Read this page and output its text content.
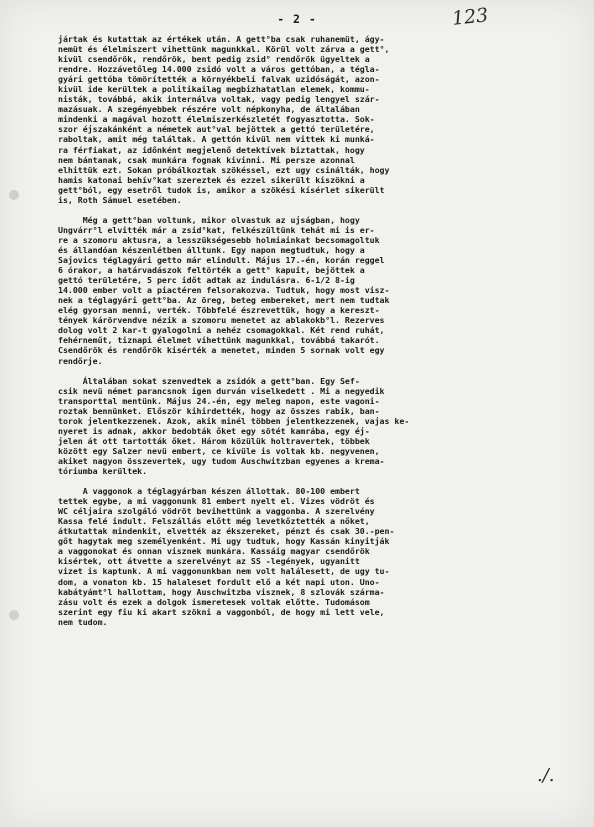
- 2 -	123
jártak és kutattak az értékek után. A gett°ba csak ruhanemüt, ágy-
nemüt és élelmiszert vihettünk magunkkal. Körül volt zárva a gett°,
kivül csendőrök, rendőrök, bent pedig zsid° rendőrök ügyeltek a
rendre. Hozzávetőleg 14.000 zsidó volt a város gettóban, a tégla-
gyári gettóba tömörítették a környékbeli falvak uzidóságát, azon-
kivül ide kerültek a politikailag megbizhatatlan elemek, kommu-
nisták, továbbá, akik internálva voltak, vagy pedig lengyel szár-
mazásuak. A szegényebbek részére volt népkonyha, de általában
mindenki a magával hozott élelmiszerkészletét fogyasztotta. Sok-
szor éjszakánként a németek aut°val bejöttek a gettó területére,
raboltak, amit még találtak. A gettón kivül nem vittek ki munká-
ra férfiakat, az időnként megjelenő detektívek biztattak, hogy
nem bántanak, csak munkára fognak kivinni. Mi persze azonnal
elhittük ezt. Sokan próbálkoztak szökéssel, ezt ugy csinálták, hogy
hamis katonai behív°kat szereztek és ezzel sikerült kiszökni a
gett°ból, egy esetről tudok is, amikor a szökési kísérlet sikerült
is, Roth Sámuel esetében.
Még a gett°ban voltunk, mikor olvastuk az ujságban, hogy
Ungvárr°l elvitték már a zsid°kat, felkészültünk tehát mi is er-
re a szomoru aktusra, a lesszükségesebb holmiainkat becsomagoltuk
és állandóan készenlétben álltunk. Egy napon megtudtuk, hogy a
Sajovics téglagyári getto már elindult. Május 17.-én, korán reggel
6 órakor, a határvadászok feltörték a gett° kapuit, bejöttek a
gettó területére, 5 perc időt adtak az indulásra. 6-1/2 8-ig
14.000 ember volt a piactéren felsorakozva. Tudtuk, hogy most visz-
nek a téglagyári gett°ba. Az öreg, beteg embereket, mert nem tudtak
elég gyorsan menni, verték. Többfelé észrevettük, hogy a kereszt-
tények kárörvendve nézik a szomoru menetet az ablakokb°l. Rezerves
dolog volt 2 kar-t gyalogolni a nehéz csomagokkal. Két rend ruhát,
fehérneműt, tiznapi élelmet vihettünk magunkkal, továbbá takarót.
Csendőrök és rendőrök kisérték a menetet, minden 5 sornak volt egy
rendőrje.
Általában sokat szenvedtek a zsidók a gett°ban. Egy Sef-
csik nevü német parancsnok igen durván viselkedett . Mi a negyedik
transporttal mentünk. Május 24.-én, egy meleg napon, este vagoni-
roztak bennünket. Először kihirdették, hogy az összes rabik, ban-
torok jelentkezzenek. Azok, akik minél többen jelentkezzenek, vajas ke-
nyeret is adnak, akkor bedobták őket egy sötét kamrába, egy éj-
jelen át ott tartották őket. Három közülük holtravertek, többek
között egy Salzer nevü embert, ce kivüle is voltak kb. negyvenen,
akiket nagyon összevertek, ugy tudom Auschwitzban egyenes a krema-
tóriumba kerültek.
A vaggonok a téglagyárban készen állottak. 80-100 embert
tettek egybe, a mi vaggonunk 81 embert nyelt el. Vizes vödröt és
WC céljaira szolgáló vödröt bevihettünk a vaggonba. A szerelvény
Kassa felé indult. Felszállás előtt még levetkőztették a nőket,
átkutattak mindenkit, elvették az ékszereket, pénzt és csak 30.-pen-
gőt hagytak meg személyenként. Mi ugy tudtuk, hogy Kassán kinyitják
a vaggonokat és onnan visznek munkára. Kassáig magyar csendőrök
kisértek, ott átvette a szerelvényt az SS -legények, ugyanitt
vizet is kaptunk. A mi vaggonunkban nem volt halálesett, de ugy tu-
dom, a vonaton kb. 15 halaleset fordult elő a két napi uton. Uno-
kabátyámt°l hallottam, hogy Auschwitzba visznek, 8 szlovák szárma-
zásu volt és ezek a dolgok ismeretesek voltak előtte. Tudomásom
szerint egy fiu ki akart szökni a vaggonból, de hogy mi lett vele,
nem tudom.
./.
